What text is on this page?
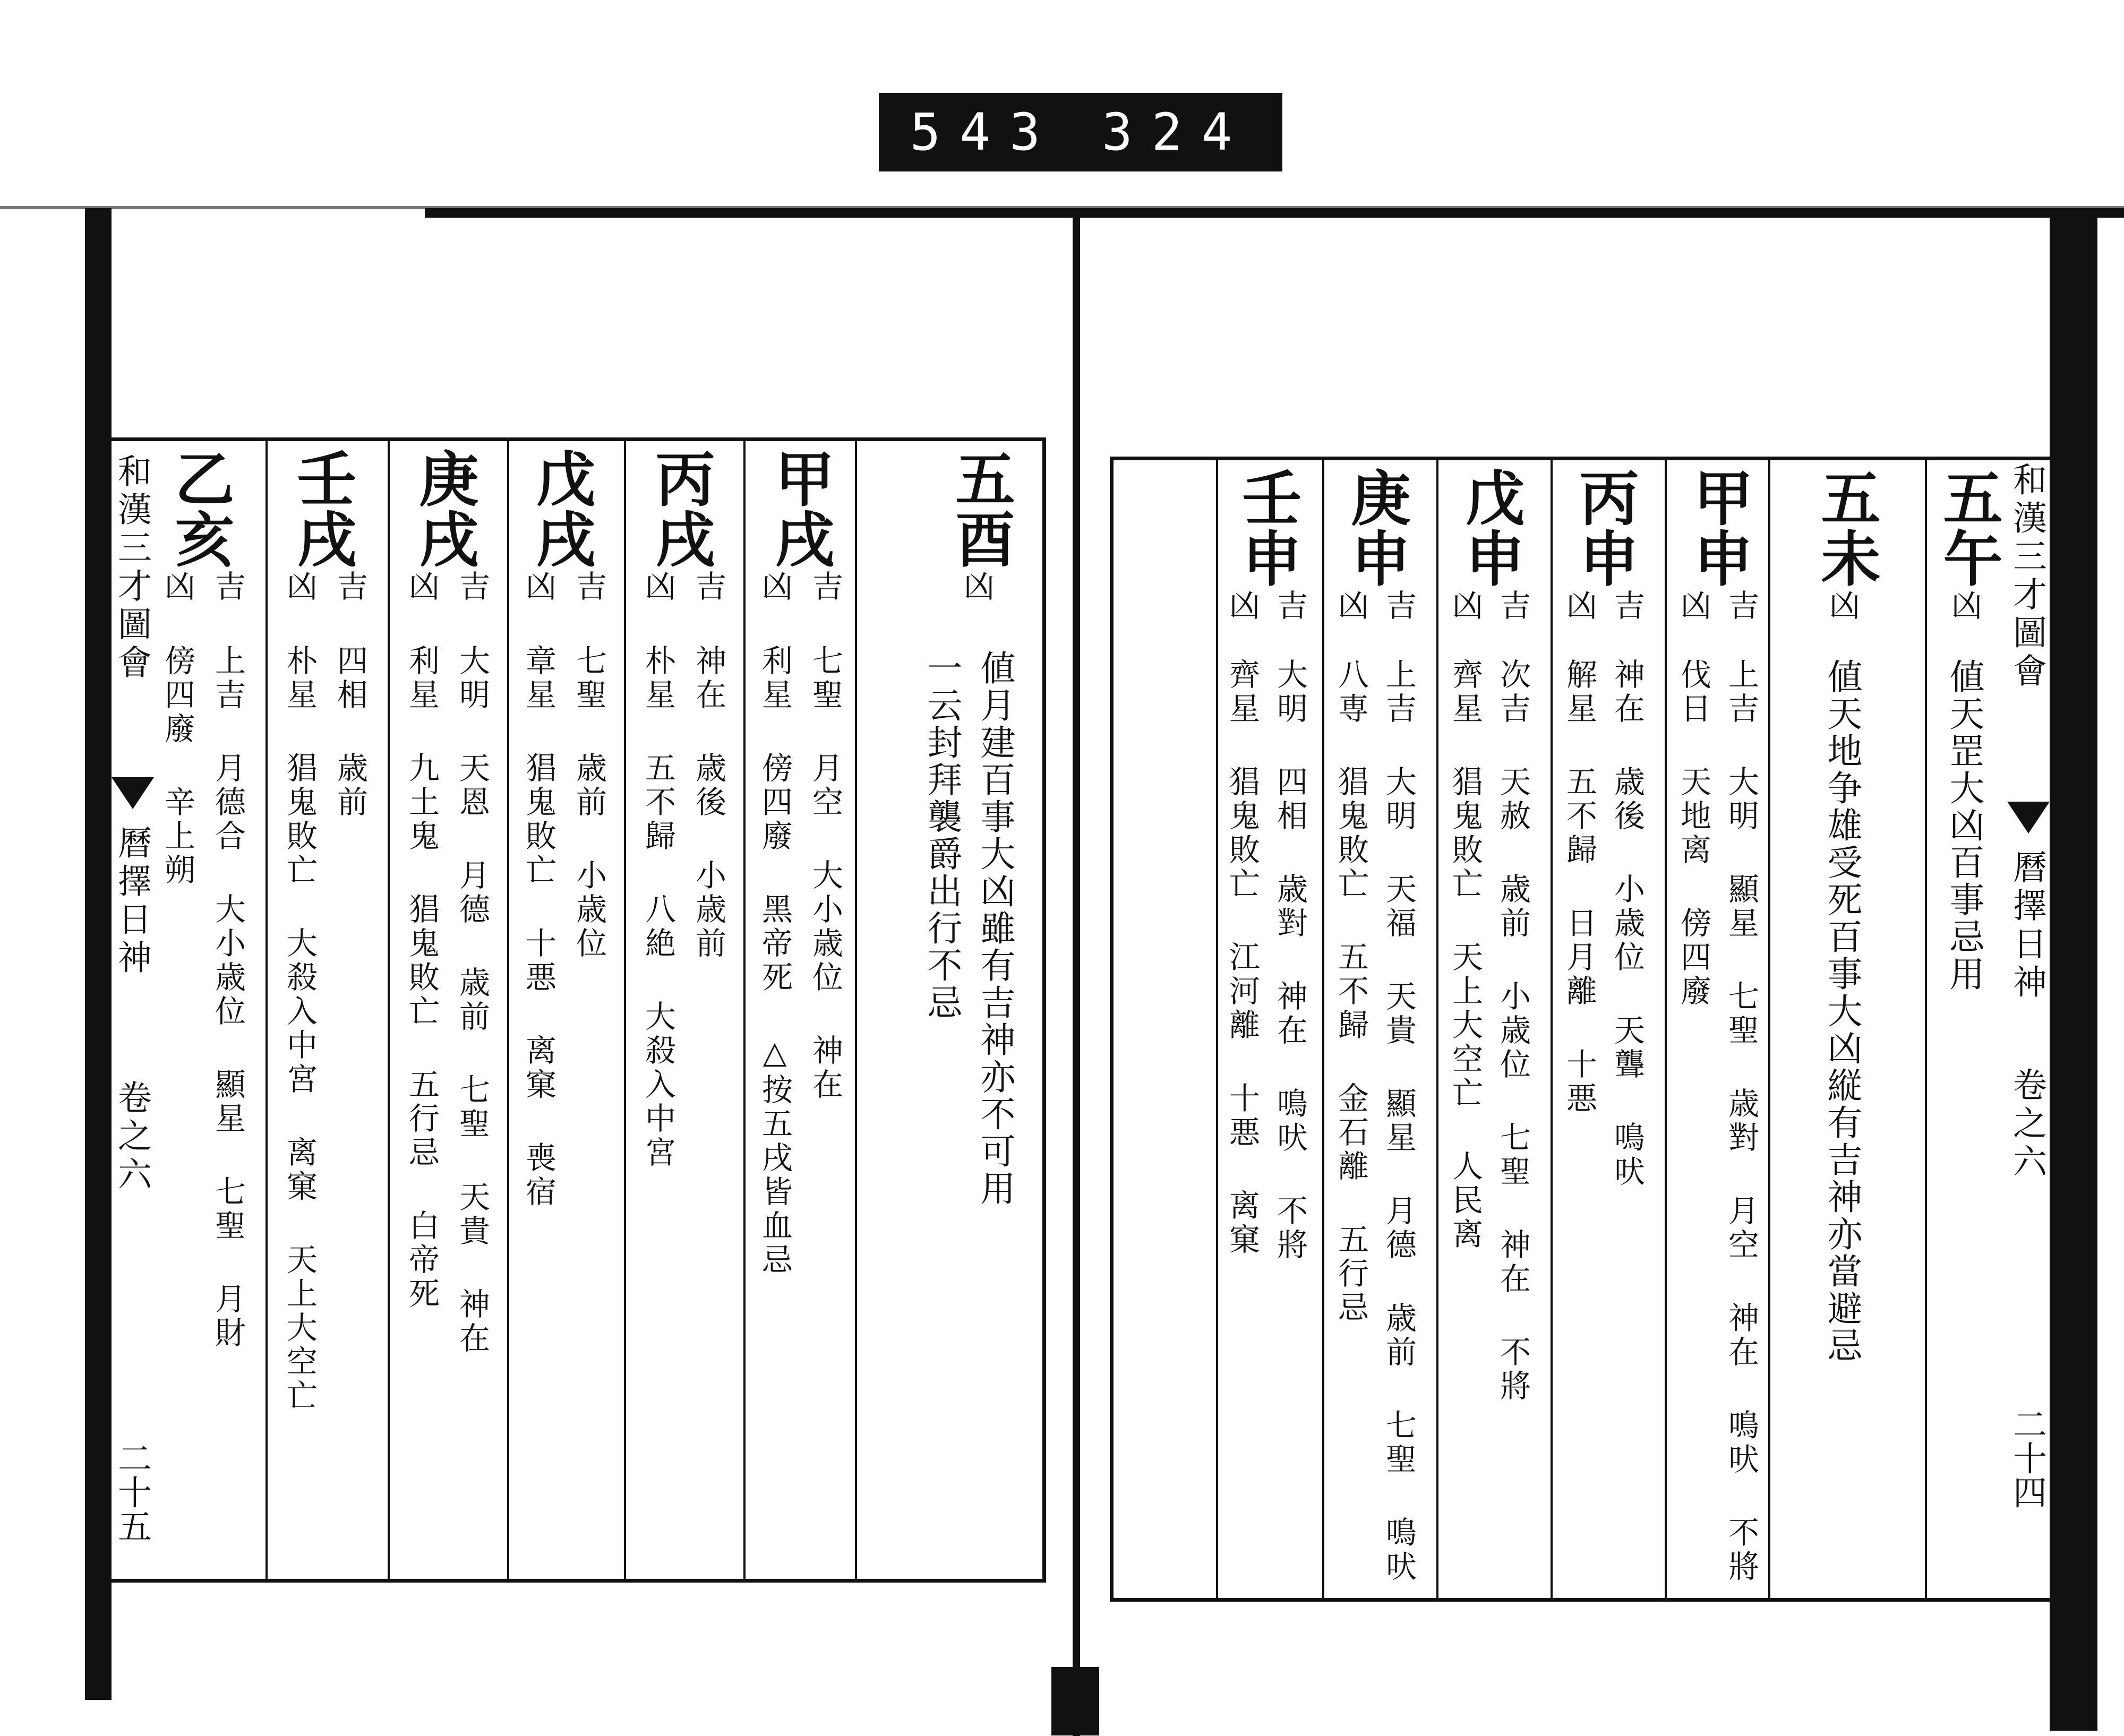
543 324
五酉
凶
値月建百事大凶雖有吉神亦不可用
一云封拜襲爵出行不忌
甲戌
吉
凶
七聖 月空 大小歳位 神在
利星 傍四廢 黑帝死 △按五戌皆血忌
丙戌
吉
凶
神在 歳後 小歳前
朴星 五不歸 八絶 大殺入中宮
戊戌
吉
凶
七聖 歳前 小歳位
章星 猖鬼敗亡 十悪 离窠 喪宿
庚戌
吉
凶
大明 天恩 月德 歳前 七聖 天貴 神在
利星 九土鬼 猖鬼敗亡 五行忌 白帝死
壬戌
吉
凶
四相 歳前
朴星 猖鬼敗亡 大殺入中宮 离窠 天上大空亡
乙亥
吉
凶
上吉 月德合 大小歳位 顯星 七聖 月財
傍四廢 辛上朔
和漢三才圖會
曆擇日神
卷之六
二十五
五午
凶
値天罡大凶百事忌用
五未
凶
値天地争雄受死百事大凶縦有吉神亦當避忌
甲申
吉
凶
上吉 大明 顯星 七聖 歳對 月空 神在 鳴吠 不將
伐日 天地离 傍四廢
丙申
吉
凶
神在 歳後 小歳位 天聾 鳴吠
解星 五不歸 日月離 十悪
戊申
吉
凶
次吉 天赦 歳前 小歳位 七聖 神在 不將
齊星 猖鬼敗亡 天上大空亡 人民离
庚申
吉
凶
上吉 大明 天福 天貴 顯星 月德 歳前 七聖 鳴吠
八専 猖鬼敗亡 五不歸 金石離 五行忌
壬申
吉
凶
大明 四相 歳對 神在 鳴吠 不將
齊星 猖鬼敗亡 江河離 十悪 离窠
和漢三才圖會
曆擇日神
卷之六
二十四
